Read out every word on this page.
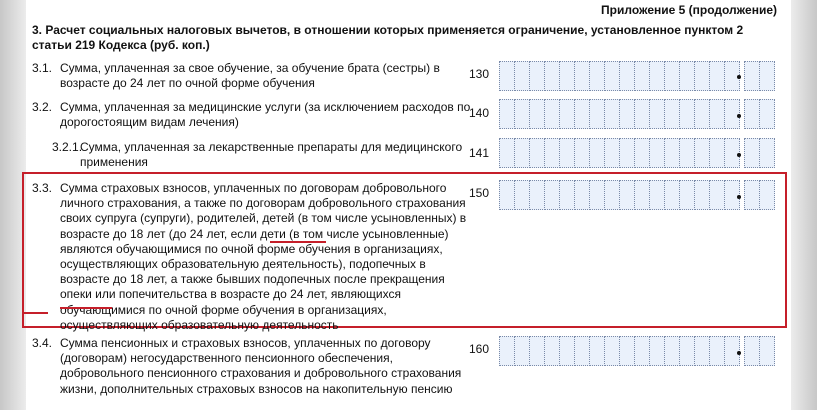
Приложение 5 (продолжение)
3. Расчет социальных налоговых вычетов, в отношении которых применяется ограничение, установленное пунктом 2 статьи 219 Кодекса (руб. коп.)
3.1. Сумма, уплаченная за свое обучение, за обучение брата (сестры) в возрасте до 24 лет по очной форме обучения
130
3.2. Сумма, уплаченная за медицинские услуги (за исключением расходов по дорогостоящим видам лечения)
140
3.2.1.
Сумма, уплаченная за лекарственные препараты для медицинского применения
141
3.3. Сумма страховых взносов, уплаченных по договорам добровольного личного страхования, а также по договорам добровольного страхования своих супруга (супруги), родителей, детей (в том числе усыновленных) в возрасте до 18 лет (до 24 лет, если дети (в том числе усыновленные) являются обучающимися по очной форме обучения в организациях, осуществляющих образовательную деятельность), подопечных в возрасте до 18 лет, а также бывших подопечных после прекращения опеки или попечительства в возрасте до 24 лет, являющихся обучающимися по очной форме обучения в организациях, осуществляющих образовательную деятельность
150
3.4. Сумма пенсионных и страховых взносов, уплаченных по договору (договорам) негосударственного пенсионного обеспечения, добровольного пенсионного страхования и добровольного страхования жизни, дополнительных страховых взносов на накопительную пенсию
160
